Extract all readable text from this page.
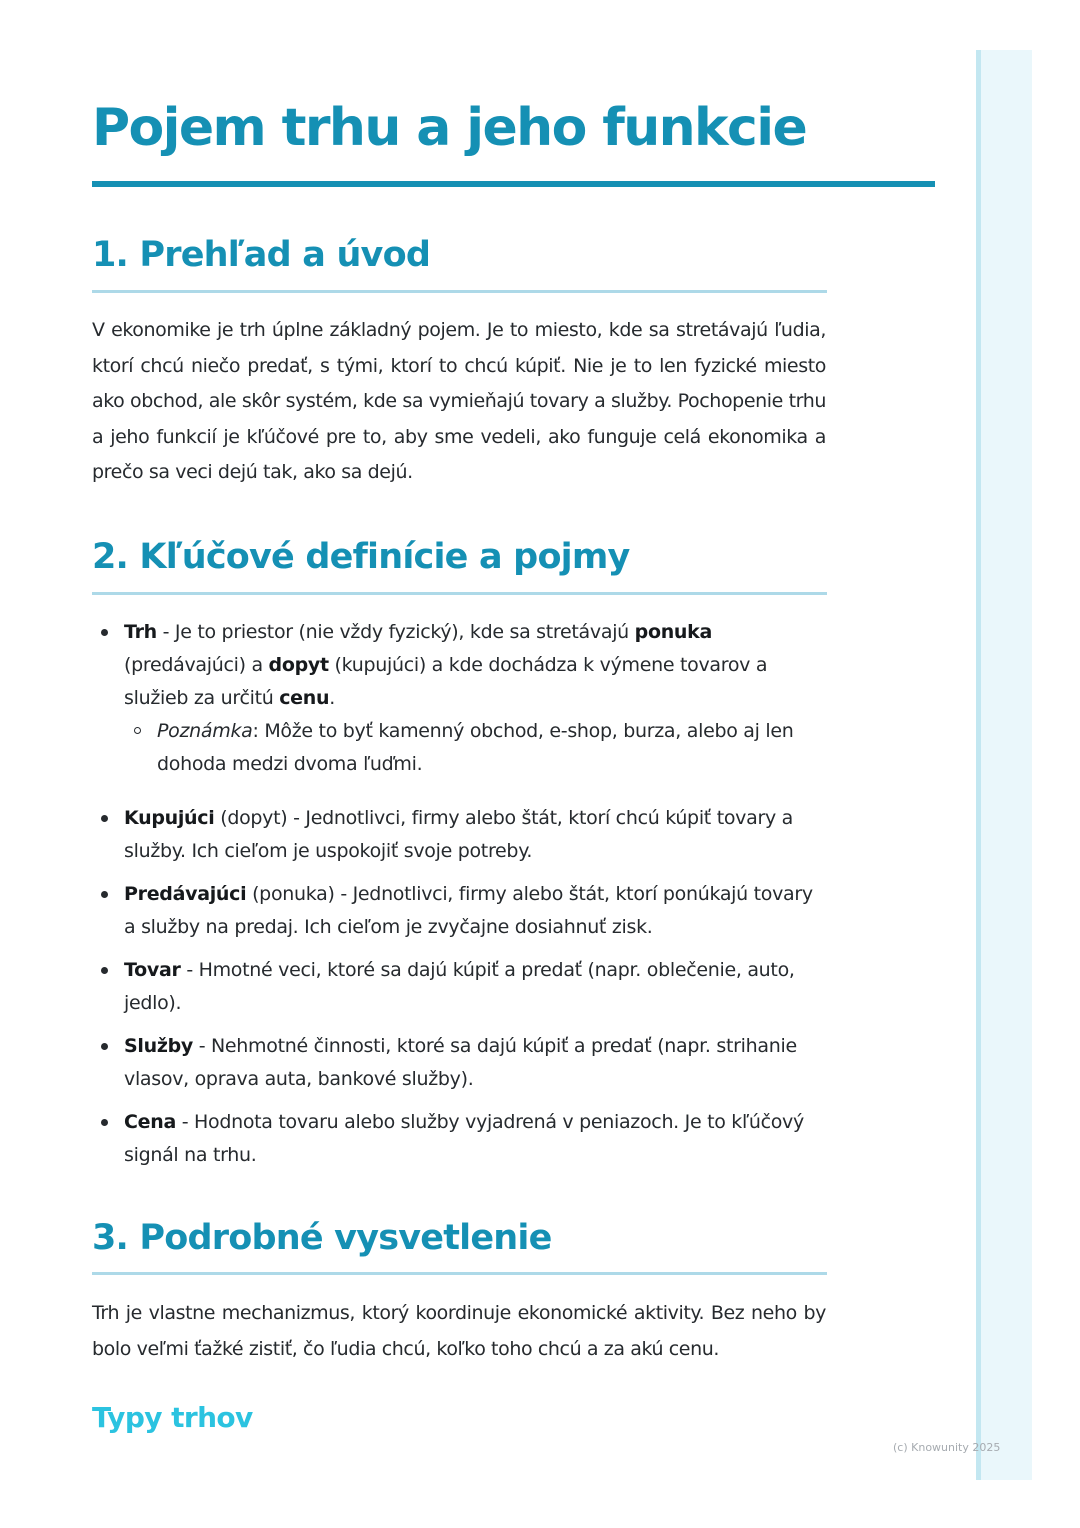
Pojem trhu a jeho funkcie
1. Prehľad a úvod

V ekonomike je trh úplne základný pojem. Je to miesto, kde sa stretávajú ľudia, ktorí chcú niečo predať, s tými, ktorí to chcú kúpiť. Nie je to len fyzické miesto ako obchod, ale skôr systém, kde sa vymieňajú tovary a služby. Pochopenie trhu a jeho funkcií je kľúčové pre to, aby sme vedeli, ako funguje celá ekonomika a prečo sa veci dejú tak, ako sa dejú.

2. Kľúčové definície a pojmy
Trh - Je to priestor (nie vždy fyzický), kde sa stretávajú ponuka (predávajúci) a dopyt (kupujúci) a kde dochádza k výmene tovarov a služieb za určitú cenu.
Poznámka: Môže to byť kamenný obchod, e-shop, burza, alebo aj len dohoda medzi dvoma ľuďmi.
Kupujúci (dopyt) - Jednotlivci, firmy alebo štát, ktorí chcú kúpiť tovary a služby. Ich cieľom je uspokojiť svoje potreby.
Predávajúci (ponuka) - Jednotlivci, firmy alebo štát, ktorí ponúkajú tovary a služby na predaj. Ich cieľom je zvyčajne dosiahnuť zisk.
Tovar - Hmotné veci, ktoré sa dajú kúpiť a predať (napr. oblečenie, auto, jedlo).
Služby - Nehmotné činnosti, ktoré sa dajú kúpiť a predať (napr. strihanie vlasov, oprava auta, bankové služby).
Cena - Hodnota tovaru alebo služby vyjadrená v peniazoch. Je to kľúčový signál na trhu.
3. Podrobné vysvetlenie

Trh je vlastne mechanizmus, ktorý koordinuje ekonomické aktivity. Bez neho by bolo veľmi ťažké zistiť, čo ľudia chcú, koľko toho chcú a za akú cenu.

Typy trhov
(c) Knowunity 2025
